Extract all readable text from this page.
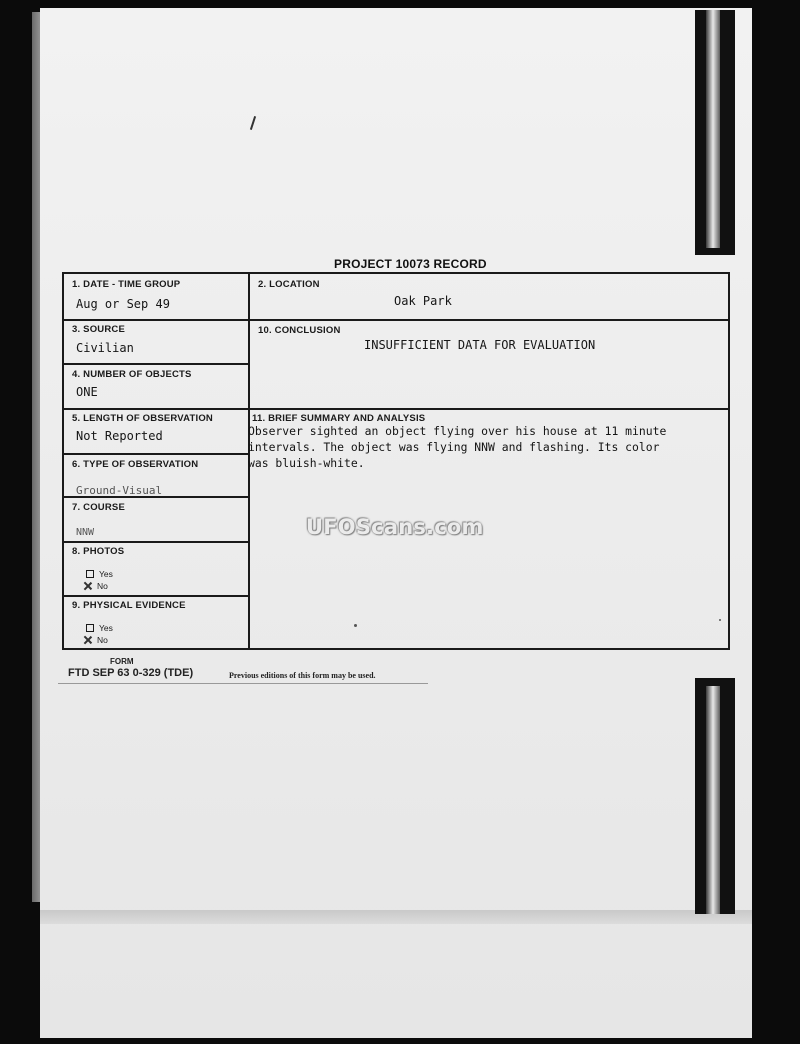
PROJECT 10073 RECORD
1. DATE - TIME GROUP
Aug or Sep 49
2. LOCATION
Oak Park
3. SOURCE
Civilian
10. CONCLUSION
INSUFFICIENT DATA FOR EVALUATION
4. NUMBER OF OBJECTS
ONE
5. LENGTH OF OBSERVATION
Not Reported
11. BRIEF SUMMARY AND ANALYSIS
Observer sighted an object flying over his house at 11 minute
intervals. The object was flying NNW and flashing. Its color
was bluish-white.
6. TYPE OF OBSERVATION
Ground-Visual
7. COURSE
NNW
8. PHOTOS
Yes
No
9. PHYSICAL EVIDENCE
Yes
No
FORM
FTD SEP 63 0-329 (TDE)	Previous editions of this form may be used.
UFOScans.com
